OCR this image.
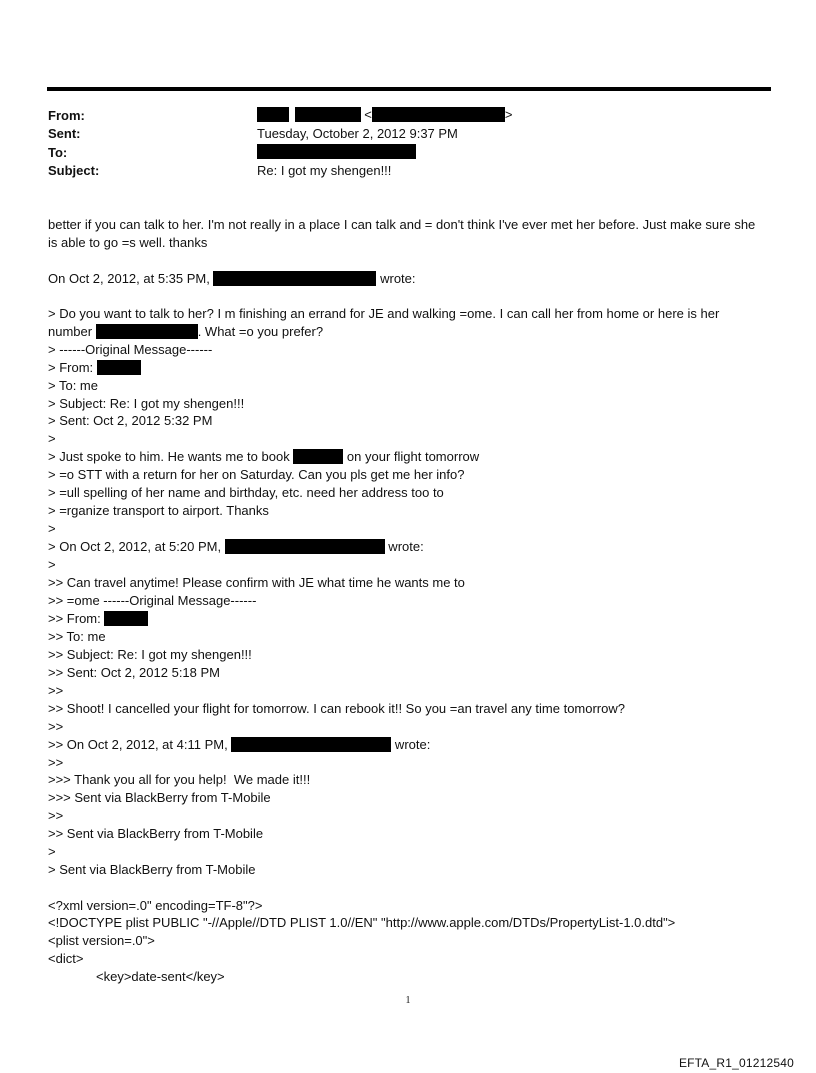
From:	<	>
Sent:	Tuesday, October 2, 2012 9:37 PM
To:
Subject:	Re: I got my shengen!!!
better if you can talk to her. I'm not really in a place I can talk and = don't think I've ever met her before. Just make sure she is able to go =s well. thanks
On Oct 2, 2012, at 5:35 PM,	wrote:
> Do you want to talk to her? I m finishing an errand for JE and walking =ome. I can call her from home or here is her
number	. What =o you prefer?
> ------Original Message------
> From:
> To: me
> Subject: Re: I got my shengen!!!
> Sent: Oct 2, 2012 5:32 PM
>
> Just spoke to him. He wants me to book	on your flight tomorrow
> =o STT with a return for her on Saturday. Can you pls get me her info?
> =ull spelling of her name and birthday, etc. need her address too to
> =rganize transport to airport. Thanks
>
> On Oct 2, 2012, at 5:20 PM,	wrote:
>
>> Can travel anytime! Please confirm with JE what time he wants me to
>> =ome ------Original Message------
>> From:
>> To: me
>> Subject: Re: I got my shengen!!!
>> Sent: Oct 2, 2012 5:18 PM
>>
>> Shoot! I cancelled your flight for tomorrow. I can rebook it!! So you =an travel any time tomorrow?
>>
>> On Oct 2, 2012, at 4:11 PM,	wrote:
>>
>>> Thank you all for you help!  We made it!!!
>>> Sent via BlackBerry from T-Mobile
>>
>> Sent via BlackBerry from T-Mobile
>
> Sent via BlackBerry from T-Mobile
<?xml version=.0" encoding=TF-8"?>
<!DOCTYPE plist PUBLIC "-//Apple//DTD PLIST 1.0//EN" "http://www.apple.com/DTDs/PropertyList-1.0.dtd">
<plist version=.0">
<dict>
<key>date-sent</key>
1
EFTA_R1_01212540
